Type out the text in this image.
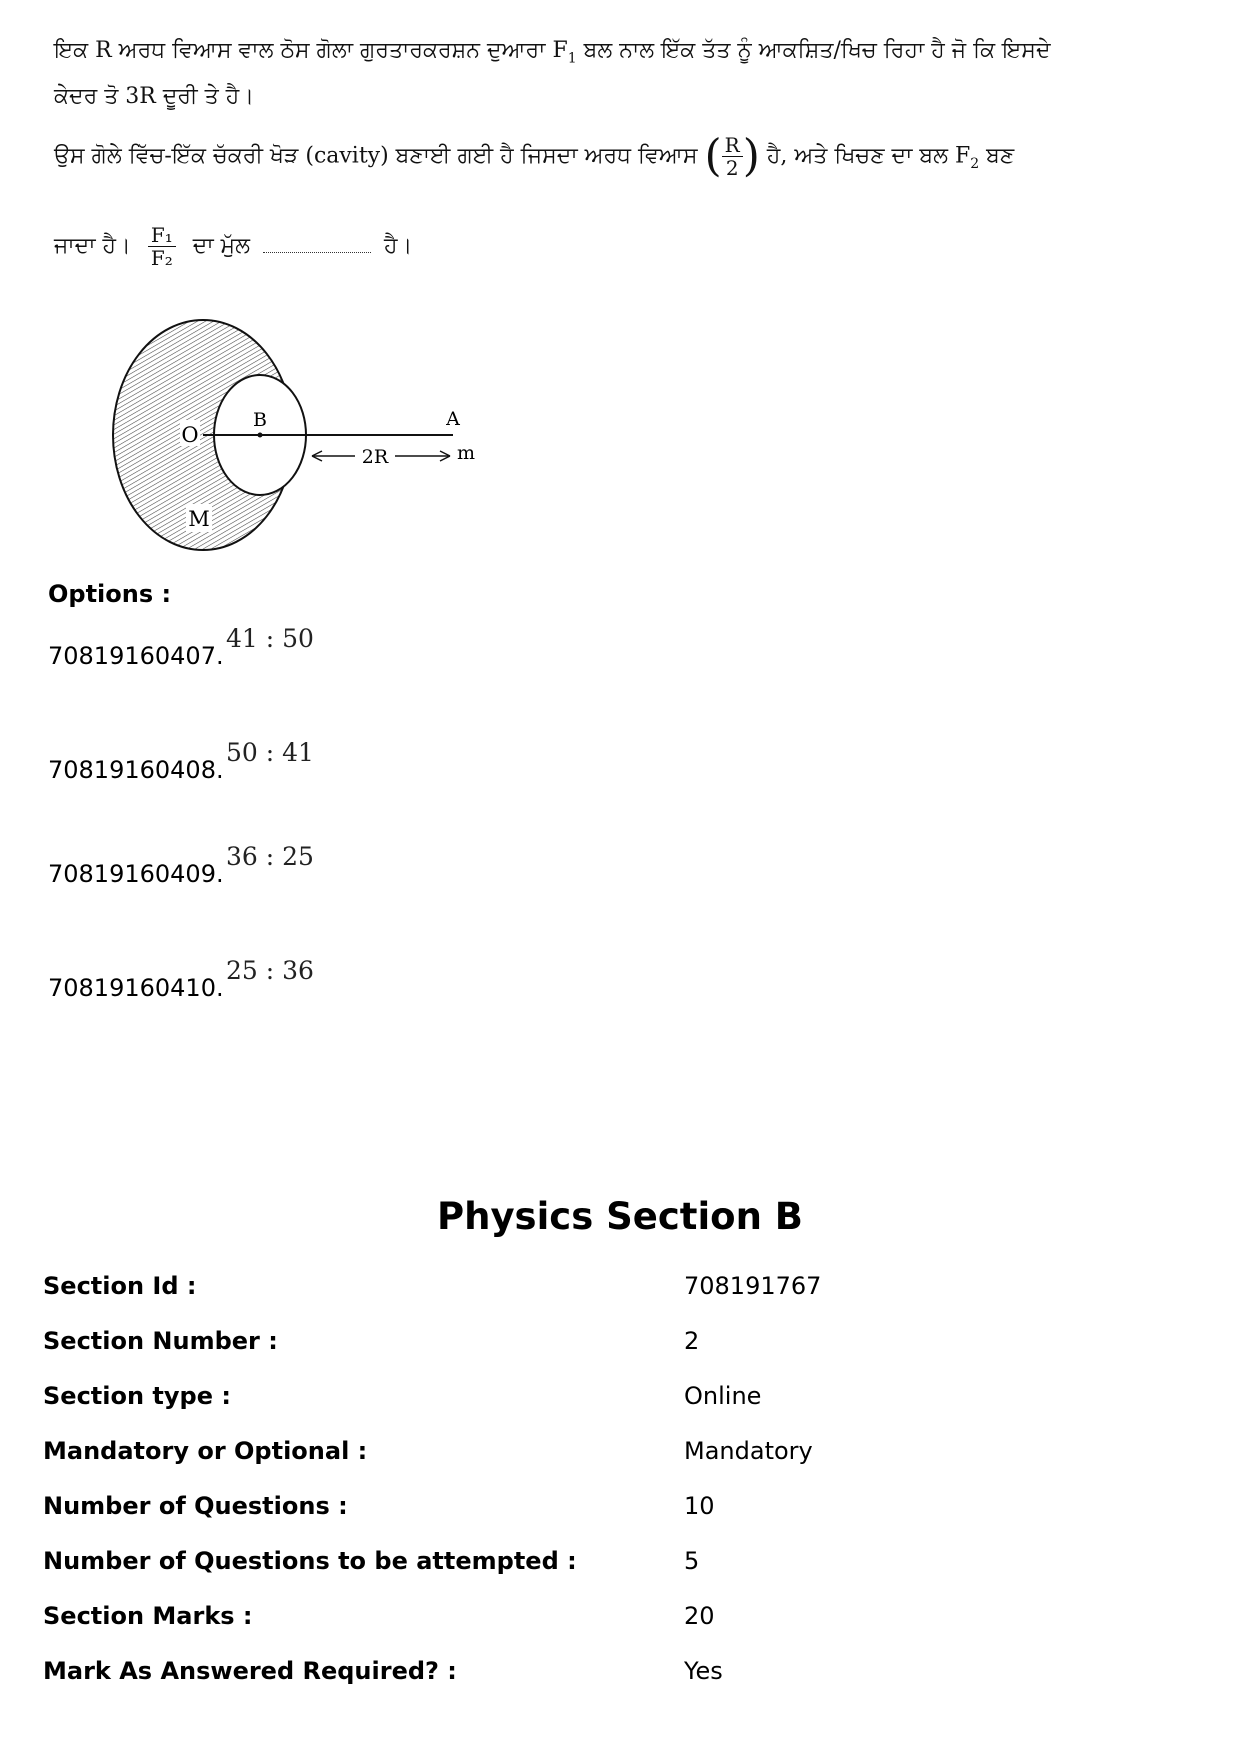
ਇਕ R ਅਰਧ ਵਿਆਸ ਵਾਲ ਠੋਸ ਗੋਲਾ ਗੁਰਤਾਰਕਰਸ਼ਨ ਦੁਆਰਾ $F_1$ ਬਲ ਨਾਲ ਇੱਕ ਤੱਤ ਨੂੰ ਆਕਸ਼ਿਤ/ਖਿਚ ਰਿਹਾ ਹੈ ਜੋ ਕਿ ਇਸਦੇ
ਕੇਦਰ ਤੋ 3R ਦੂਰੀ ਤੇ ਹੈ।
ਉਸ ਗੋਲੇ ਵਿੱਚ-ਇੱਕ ਚੱਕਰੀ ਖੋੜ (cavity) ਬਣਾਈ ਗਈ ਹੈ ਜਿਸਦਾ ਅਰਧ ਵਿਆਸ ( $\frac{R}{2}$ ) ਹੈ, ਅਤੇ ਖਿਚਣ ਦਾ ਬਲ $F_2$ ਬਣ
ਜਾਦਾ ਹੈ। $\frac{\text{F₁}}{\text{F₂}}$ ਦਾ ਮੁੱਲ	ਹੈ।
O
B	A
M
2R	m
Options :
70819160407.
41 : 50
70819160408.
50 : 41
70819160409.
36 : 25
70819160410.
25 : 36
Physics Section B
Section Id :	708191767
Section Number :	2
Section type :	Online
Mandatory or Optional :	Mandatory
Number of Questions :	10
Number of Questions to be attempted :	5
Section Marks :	20
Mark As Answered Required? :	Yes
